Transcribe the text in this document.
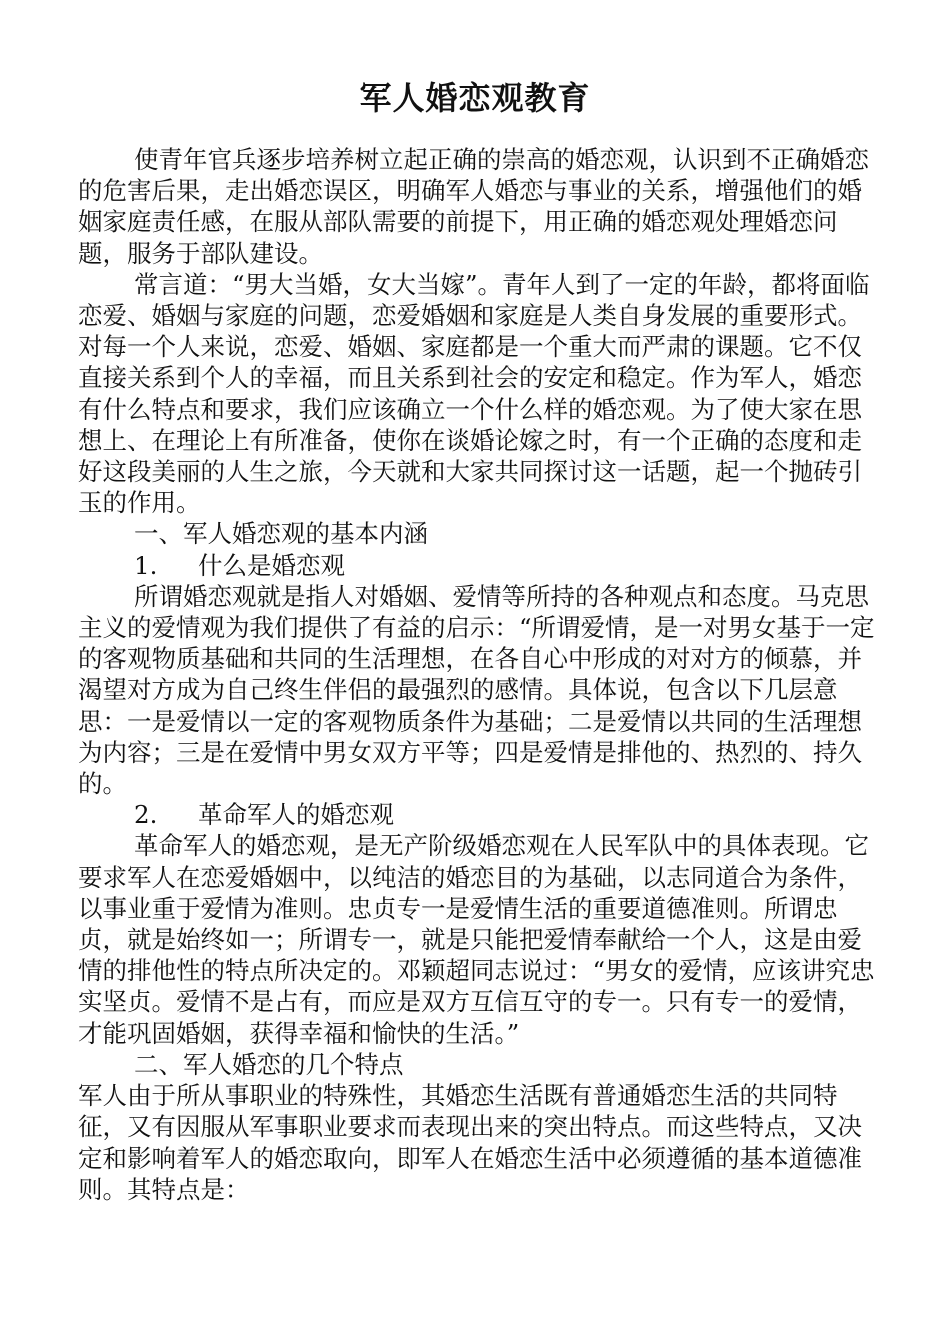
军人婚恋观教育

使青年官兵逐步培养树立起正确的崇高的婚恋观，认识到不正确婚恋的危害后果，走出婚恋误区，明确军人婚恋与事业的关系，增强他们的婚姻家庭责任感，在服从部队需要的前提下，用正确的婚恋观处理婚恋问题，服务于部队建设。

常言道：“男大当婚，女大当嫁”。青年人到了一定的年龄，都将面临恋爱、婚姻与家庭的问题，恋爱婚姻和家庭是人类自身发展的重要形式。对每一个人来说，恋爱、婚姻、家庭都是一个重大而严肃的课题。它不仅直接关系到个人的幸福，而且关系到社会的安定和稳定。作为军人，婚恋有什么特点和要求，我们应该确立一个什么样的婚恋观。为了使大家在思想上、在理论上有所准备，使你在谈婚论嫁之时，有一个正确的态度和走好这段美丽的人生之旅，今天就和大家共同探讨这一话题，起一个抛砖引玉的作用。

一、军人婚恋观的基本内涵

1. 什么是婚恋观

所谓婚恋观就是指人对婚姻、爱情等所持的各种观点和态度。马克思主义的爱情观为我们提供了有益的启示：“所谓爱情，是一对男女基于一定的客观物质基础和共同的生活理想，在各自心中形成的对对方的倾慕，并渴望对方成为自己终生伴侣的最强烈的感情。具体说，包含以下几层意思：一是爱情以一定的客观物质条件为基础；二是爱情以共同的生活理想为内容；三是在爱情中男女双方平等；四是爱情是排他的、热烈的、持久的。

2. 革命军人的婚恋观

革命军人的婚恋观，是无产阶级婚恋观在人民军队中的具体表现。它要求军人在恋爱婚姻中，以纯洁的婚恋目的为基础，以志同道合为条件，以事业重于爱情为准则。忠贞专一是爱情生活的重要道德准则。所谓忠贞，就是始终如一；所谓专一，就是只能把爱情奉献给一个人，这是由爱情的排他性的特点所决定的。邓颖超同志说过：“男女的爱情，应该讲究忠实坚贞。爱情不是占有，而应是双方互信互守的专一。只有专一的爱情，才能巩固婚姻，获得幸福和愉快的生活。”

二、军人婚恋的几个特点

军人由于所从事职业的特殊性，其婚恋生活既有普通婚恋生活的共同特征，又有因服从军事职业要求而表现出来的突出特点。而这些特点，又决定和影响着军人的婚恋取向，即军人在婚恋生活中必须遵循的基本道德准则。其特点是：
